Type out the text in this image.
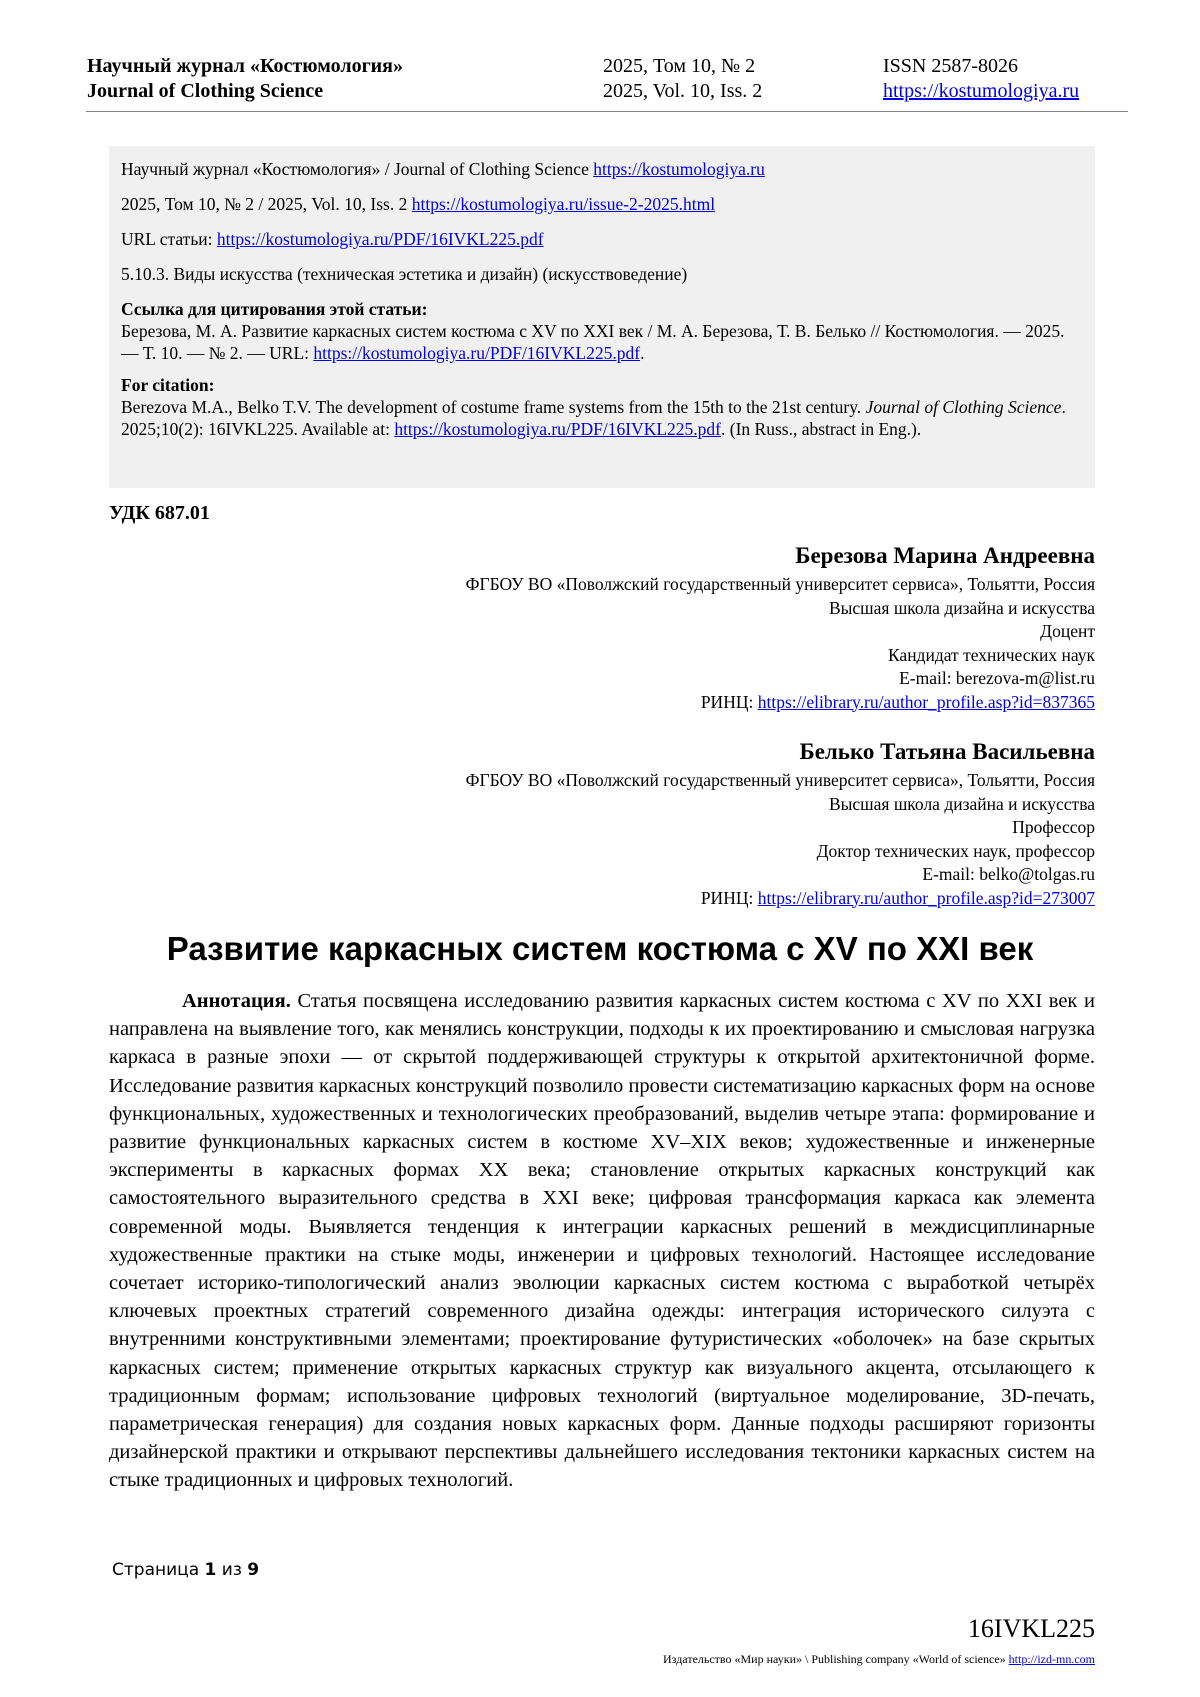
Научный журнал «Костюмология»
Journal of Clothing Science
2025, Том 10, № 2
2025, Vol. 10, Iss. 2
ISSN 2587-8026
https://kostumologiya.ru

Научный журнал «Костюмология» / Journal of Clothing Science https://kostumologiya.ru

2025, Том 10, № 2 / 2025, Vol. 10, Iss. 2 https://kostumologiya.ru/issue-2-2025.html

URL статьи: https://kostumologiya.ru/PDF/16IVKL225.pdf

5.10.3. Виды искусства (техническая эстетика и дизайн) (искусствоведение)

Ссылка для цитирования этой статьи:
Березова, М. А. Развитие каркасных систем костюма с XV по XXI век / М. А. Березова, Т. В. Белько // Костюмология. — 2025. — Т. 10. — № 2. — URL: https://kostumologiya.ru/PDF/16IVKL225.pdf.
For citation:
Berezova M.A., Belko T.V. The development of costume frame systems from the 15th to the 21st century. Journal of Clothing Science. 2025;10(2): 16IVKL225. Available at: https://kostumologiya.ru/PDF/16IVKL225.pdf. (In Russ., abstract in Eng.).
УДК 687.01
Березова Марина Андреевна
ФГБОУ ВО «Поволжский государственный университет сервиса», Тольятти, Россия
Высшая школа дизайна и искусства
Доцент
Кандидат технических наук
E-mail: berezova-m@list.ru
РИНЦ: https://elibrary.ru/author_profile.asp?id=837365
Белько Татьяна Васильевна
ФГБОУ ВО «Поволжский государственный университет сервиса», Тольятти, Россия
Высшая школа дизайна и искусства
Профессор
Доктор технических наук, профессор
E-mail: belko@tolgas.ru
РИНЦ: https://elibrary.ru/author_profile.asp?id=273007
Развитие каркасных систем костюма с XV по XXI век

Аннотация. Статья посвящена исследованию развития каркасных систем костюма с XV по XXI век и направлена на выявление того, как менялись конструкции, подходы к их проектированию и смысловая нагрузка каркаса в разные эпохи — от скрытой поддерживающей структуры к открытой архитектоничной форме. Исследование развития каркасных конструкций позволило провести систематизацию каркасных форм на основе функциональных, художественных и технологических преобразований, выделив четыре этапа: формирование и развитие функциональных каркасных систем в костюме XV–XIX веков; художественные и инженерные эксперименты в каркасных формах XX века; становление открытых каркасных конструкций как самостоятельного выразительного средства в XXI веке; цифровая трансформация каркаса как элемента современной моды. Выявляется тенденция к интеграции каркасных решений в междисциплинарные художественные практики на стыке моды, инженерии и цифровых технологий. Настоящее исследование сочетает историко-типологический анализ эволюции каркасных систем костюма с выработкой четырёх ключевых проектных стратегий современного дизайна одежды: интеграция исторического силуэта с внутренними конструктивными элементами; проектирование футуристических «оболочек» на базе скрытых каркасных систем; применение открытых каркасных структур как визуального акцента, отсылающего к традиционным формам; использование цифровых технологий (виртуальное моделирование, 3D-печать, параметрическая генерация) для создания новых каркасных форм. Данные подходы расширяют горизонты дизайнерской практики и открывают перспективы дальнейшего исследования тектоники каркасных систем на стыке традиционных и цифровых технологий.

Страница 1 из 9
16IVKL225
Издательство «Мир науки» \ Publishing company «World of science» http://izd-mn.com
